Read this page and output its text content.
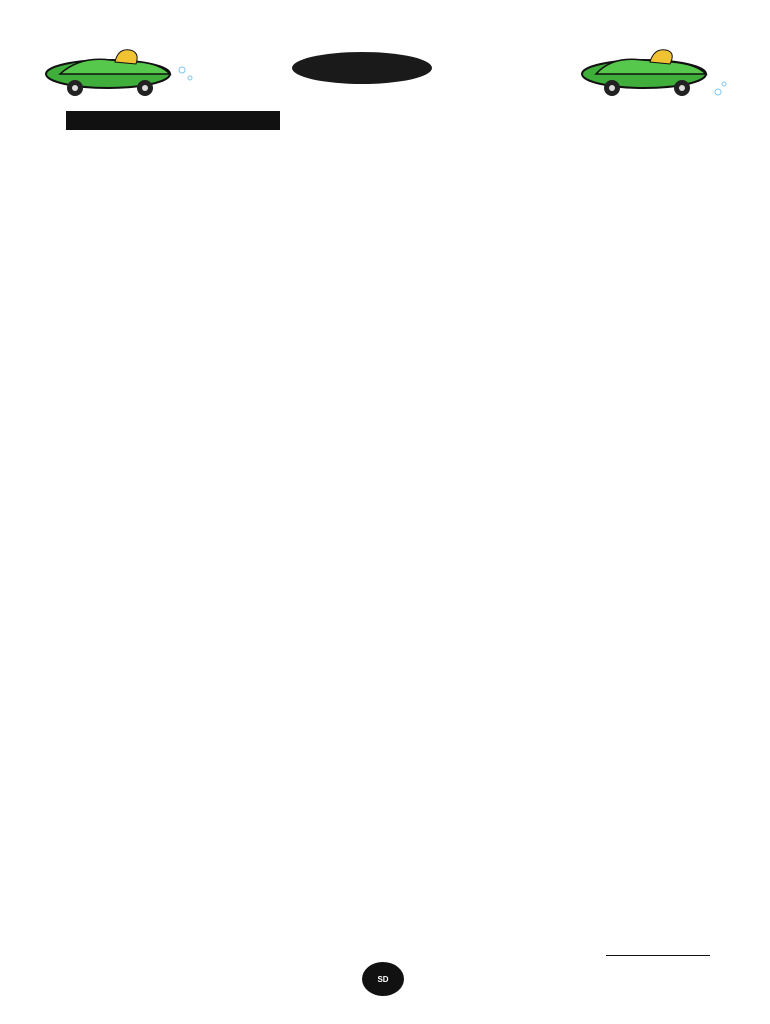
SD
